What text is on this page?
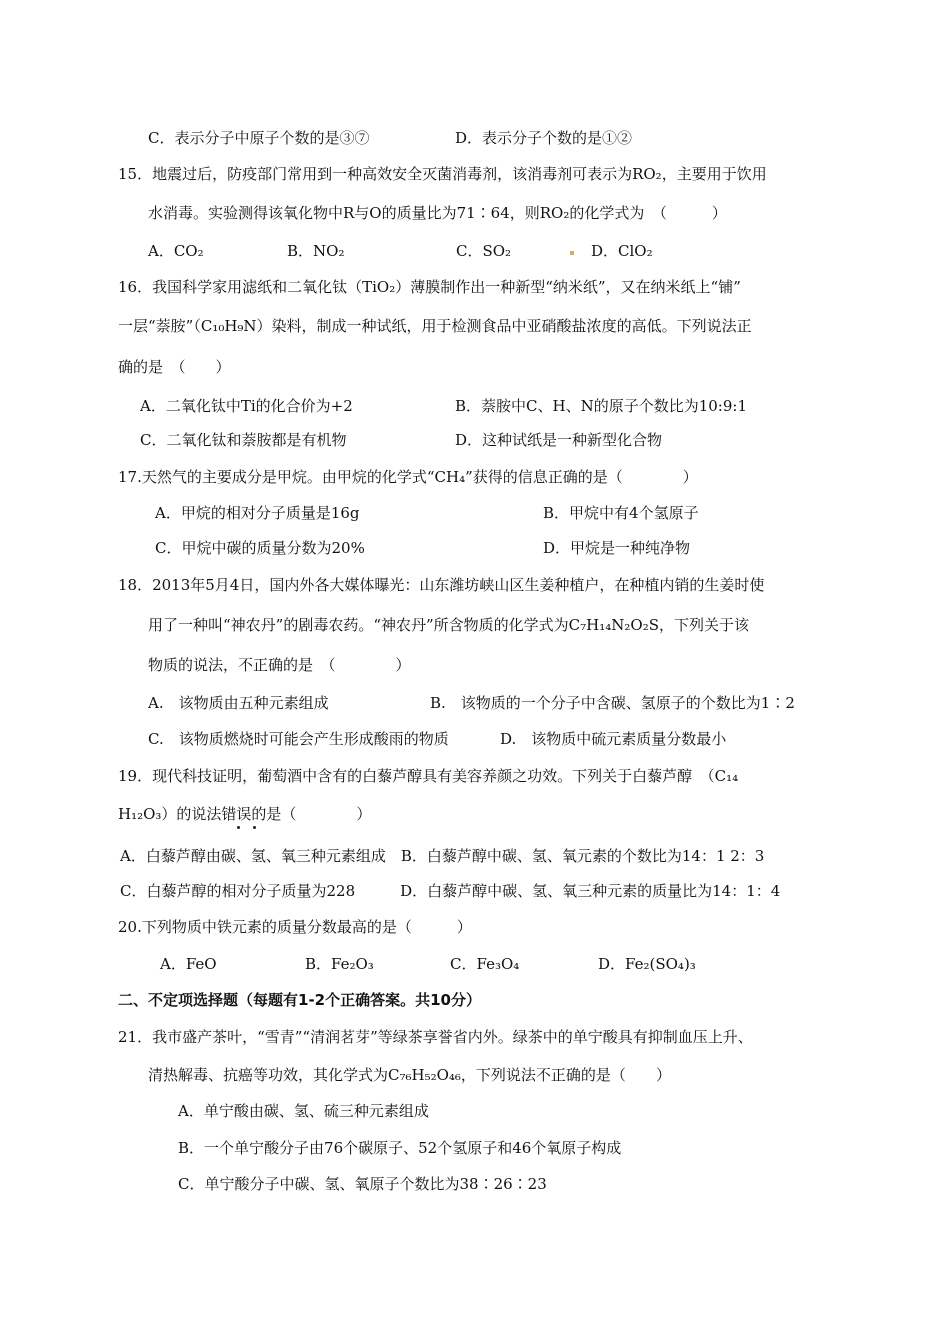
C．表示分子中原子个数的是③⑦	D．表示分子个数的是①②
15．地震过后，防疫部门常用到一种高效安全灭菌消毒剂，该消毒剂可表示为RO₂，主要用于饮用
水消毒。实验测得该氧化物中R与O的质量比为71∶64，则RO₂的化学式为　（　　　）
A．CO₂	B．NO₂	C．SO₂	D．ClO₂
16．我国科学家用滤纸和二氧化钛（TiO₂）薄膜制作出一种新型“纳米纸”，又在纳米纸上“铺”
一层“萘胺”（C₁₀H₉N）染料，制成一种试纸，用于检测食品中亚硝酸盐浓度的高低。下列说法正
确的是　（　　）
A．二氧化钛中Ti的化合价为+2	B．萘胺中C、H、N的原子个数比为10:9:1
C．二氧化钛和萘胺都是有机物	D．这种试纸是一种新型化合物
17.天然气的主要成分是甲烷。由甲烷的化学式“CH₄”获得的信息正确的是（　　　　）
A．甲烷的相对分子质量是16g	B．甲烷中有4个氢原子
C．甲烷中碳的质量分数为20%	D．甲烷是一种纯净物
18．2013年5月4日，国内外各大媒体曝光：山东潍坊峡山区生姜种植户，在种植内销的生姜时使
用了一种叫“神农丹”的剧毒农药。“神农丹”所含物质的化学式为C₇H₁₄N₂O₂S，下列关于该
物质的说法，不正确的是　（　　　　）
A.　该物质由五种元素组成	B.　该物质的一个分子中含碳、氢原子的个数比为1∶2
C.　该物质燃烧时可能会产生形成酸雨的物质	D.　该物质中硫元素质量分数最小
19．现代科技证明，葡萄酒中含有的白藜芦醇具有美容养颜之功效。下列关于白藜芦醇　（C₁₄
H₁₂O₃）的说法错误的是（　　　　）
A．白藜芦醇由碳、氢、氧三种元素组成　B．白藜芦醇中碳、氢、氧元素的个数比为14：1 2：3
C．白藜芦醇的相对分子质量为228　　　D．白藜芦醇中碳、氢、氧三种元素的质量比为14：1：4
20.下列物质中铁元素的质量分数最高的是（　　　）
A．FeO	B．Fe₂O₃	C．Fe₃O₄	D．Fe₂(SO₄)₃
二、不定项选择题（每题有1-2个正确答案。共10分）
21．我市盛产茶叶，“雪青”“清润茗芽”等绿茶享誉省内外。绿茶中的单宁酸具有抑制血压上升、
清热解毒、抗癌等功效，其化学式为C₇₆H₅₂O₄₆，下列说法不正确的是（　　）
A．单宁酸由碳、氢、硫三种元素组成
B．一个单宁酸分子由76个碳原子、52个氢原子和46个氧原子构成
C．单宁酸分子中碳、氢、氧原子个数比为38∶26∶23
